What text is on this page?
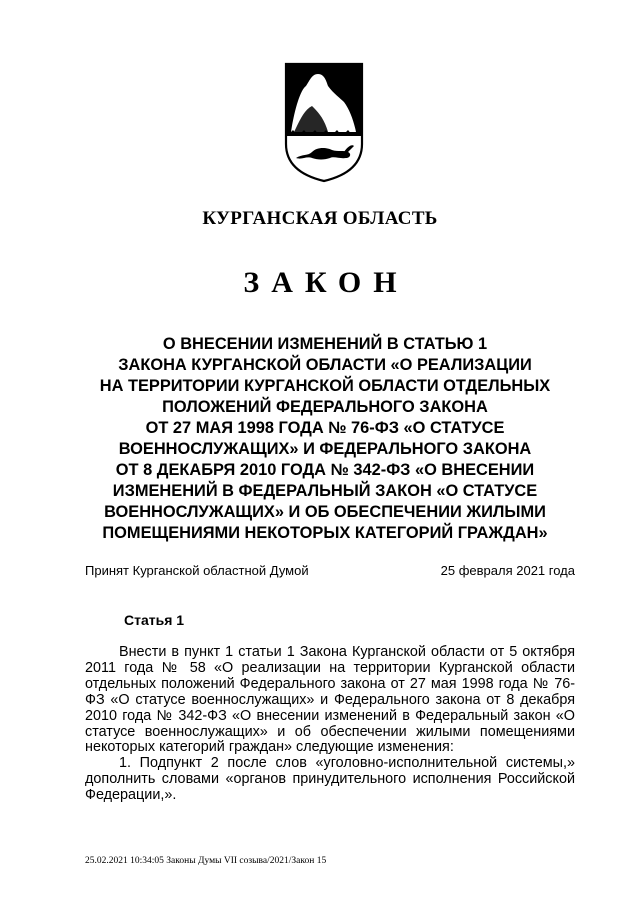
КУРГАНСКАЯ ОБЛАСТЬ
ЗАКОН
О ВНЕСЕНИИ ИЗМЕНЕНИЙ В СТАТЬЮ 1
ЗАКОНА КУРГАНСКОЙ ОБЛАСТИ «О РЕАЛИЗАЦИИ
НА ТЕРРИТОРИИ КУРГАНСКОЙ ОБЛАСТИ ОТДЕЛЬНЫХ
ПОЛОЖЕНИЙ ФЕДЕРАЛЬНОГО ЗАКОНА
ОТ 27 МАЯ 1998 ГОДА № 76-ФЗ «О СТАТУСЕ
ВОЕННОСЛУЖАЩИХ» И ФЕДЕРАЛЬНОГО ЗАКОНА
ОТ 8 ДЕКАБРЯ 2010 ГОДА № 342-ФЗ «О ВНЕСЕНИИ
ИЗМЕНЕНИЙ В ФЕДЕРАЛЬНЫЙ ЗАКОН «О СТАТУСЕ
ВОЕННОСЛУЖАЩИХ» И ОБ ОБЕСПЕЧЕНИИ ЖИЛЫМИ
ПОМЕЩЕНИЯМИ НЕКОТОРЫХ КАТЕГОРИЙ ГРАЖДАН»
Принят Курганской областной Думой	25 февраля 2021 года
Статья 1

Внести в пункт 1 статьи 1 Закона Курганской области от 5 октября 2011 года № 58 «О реализации на территории Курганской области отдельных положений Федерального закона от 27 мая 1998 года № 76-ФЗ «О статусе военнослужащих» и Федерального закона от 8 декабря 2010 года № 342-ФЗ «О внесении изменений в Федеральный закон «О статусе военнослужащих» и об обеспечении жилыми помещениями некоторых категорий граждан» следующие изменения:

1. Подпункт 2 после слов «уголовно-исполнительной системы,» дополнить словами «органов принудительного исполнения Российской Федерации,».

25.02.2021 10:34:05 Законы Думы VII созыва/2021/Закон 15
